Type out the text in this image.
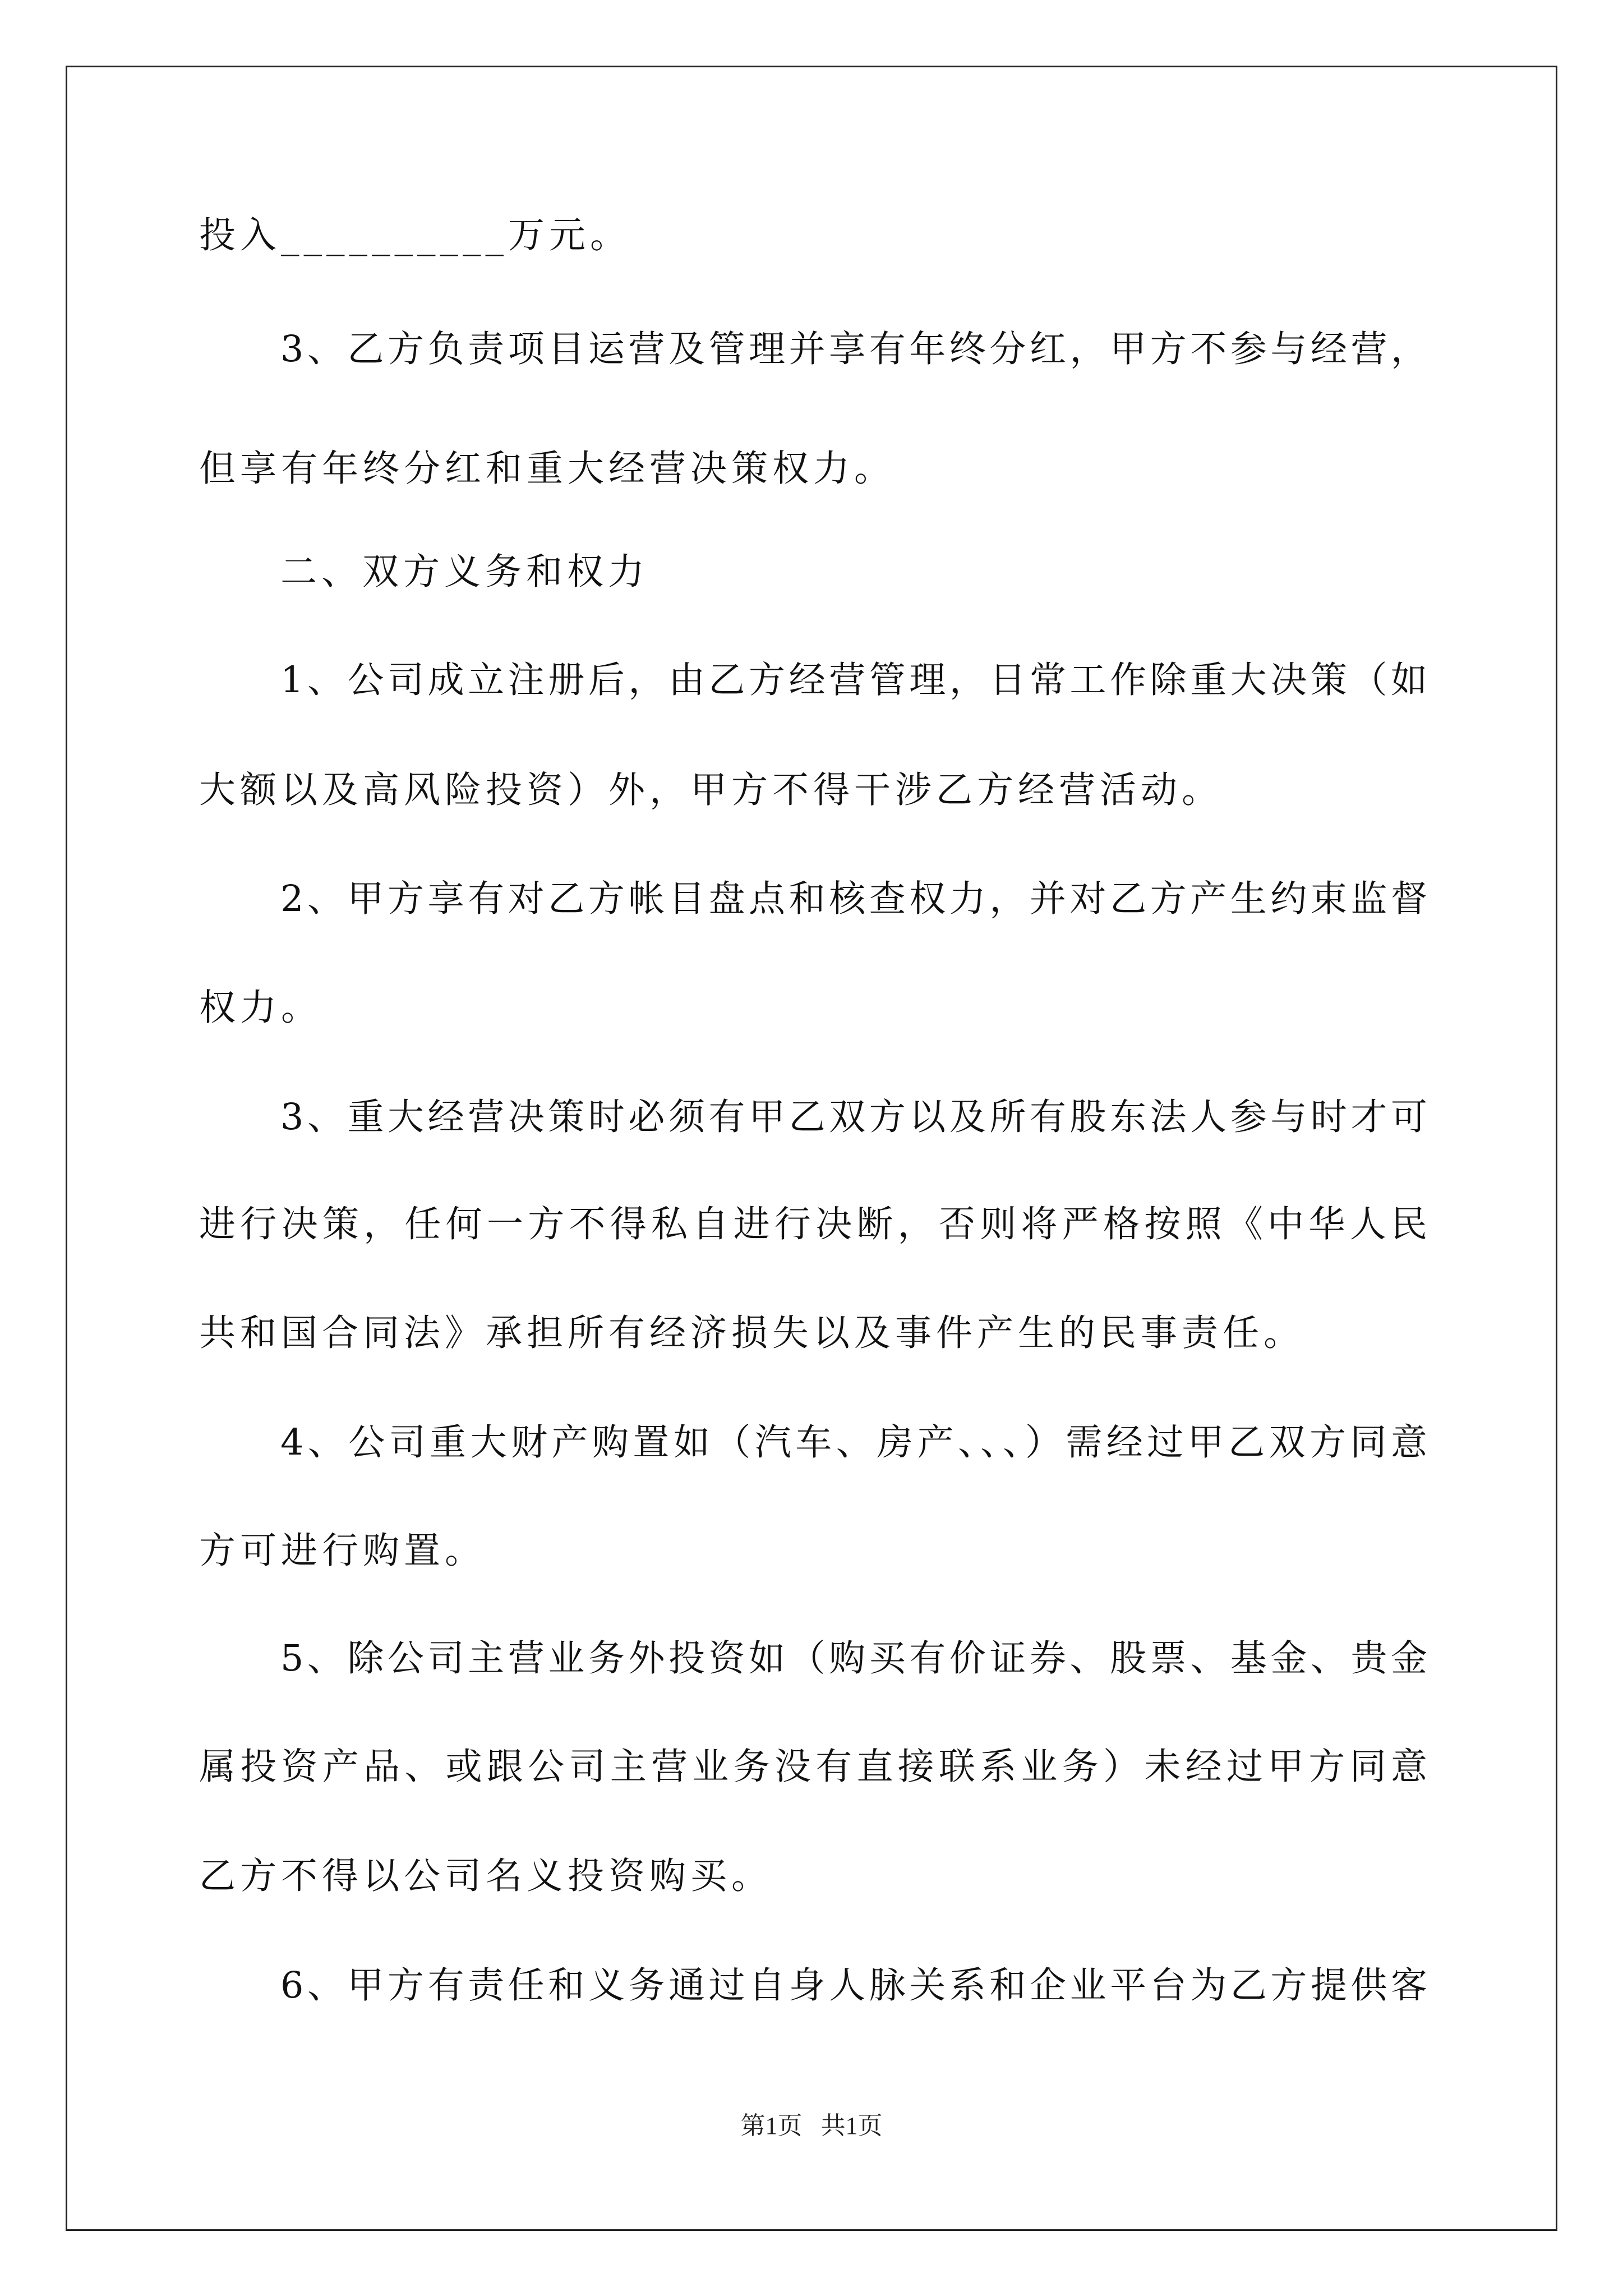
投入__________万元。
3、乙方负责项目运营及管理并享有年终分红，甲方不参与经营，
但享有年终分红和重大经营决策权力。
二、双方义务和权力
1、公司成立注册后，由乙方经营管理，日常工作除重大决策（如
大额以及高风险投资）外，甲方不得干涉乙方经营活动。
2、甲方享有对乙方帐目盘点和核查权力，并对乙方产生约束监督
权力。
3、重大经营决策时必须有甲乙双方以及所有股东法人参与时才可
进行决策，任何一方不得私自进行决断，否则将严格按照《中华人民
共和国合同法》承担所有经济损失以及事件产生的民事责任。
4、公司重大财产购置如（汽车、房产、、、）需经过甲乙双方同意
方可进行购置。
5、除公司主营业务外投资如（购买有价证券、股票、基金、贵金
属投资产品、或跟公司主营业务没有直接联系业务）未经过甲方同意
乙方不得以公司名义投资购买。
6、甲方有责任和义务通过自身人脉关系和企业平台为乙方提供客
第1页   共1页
